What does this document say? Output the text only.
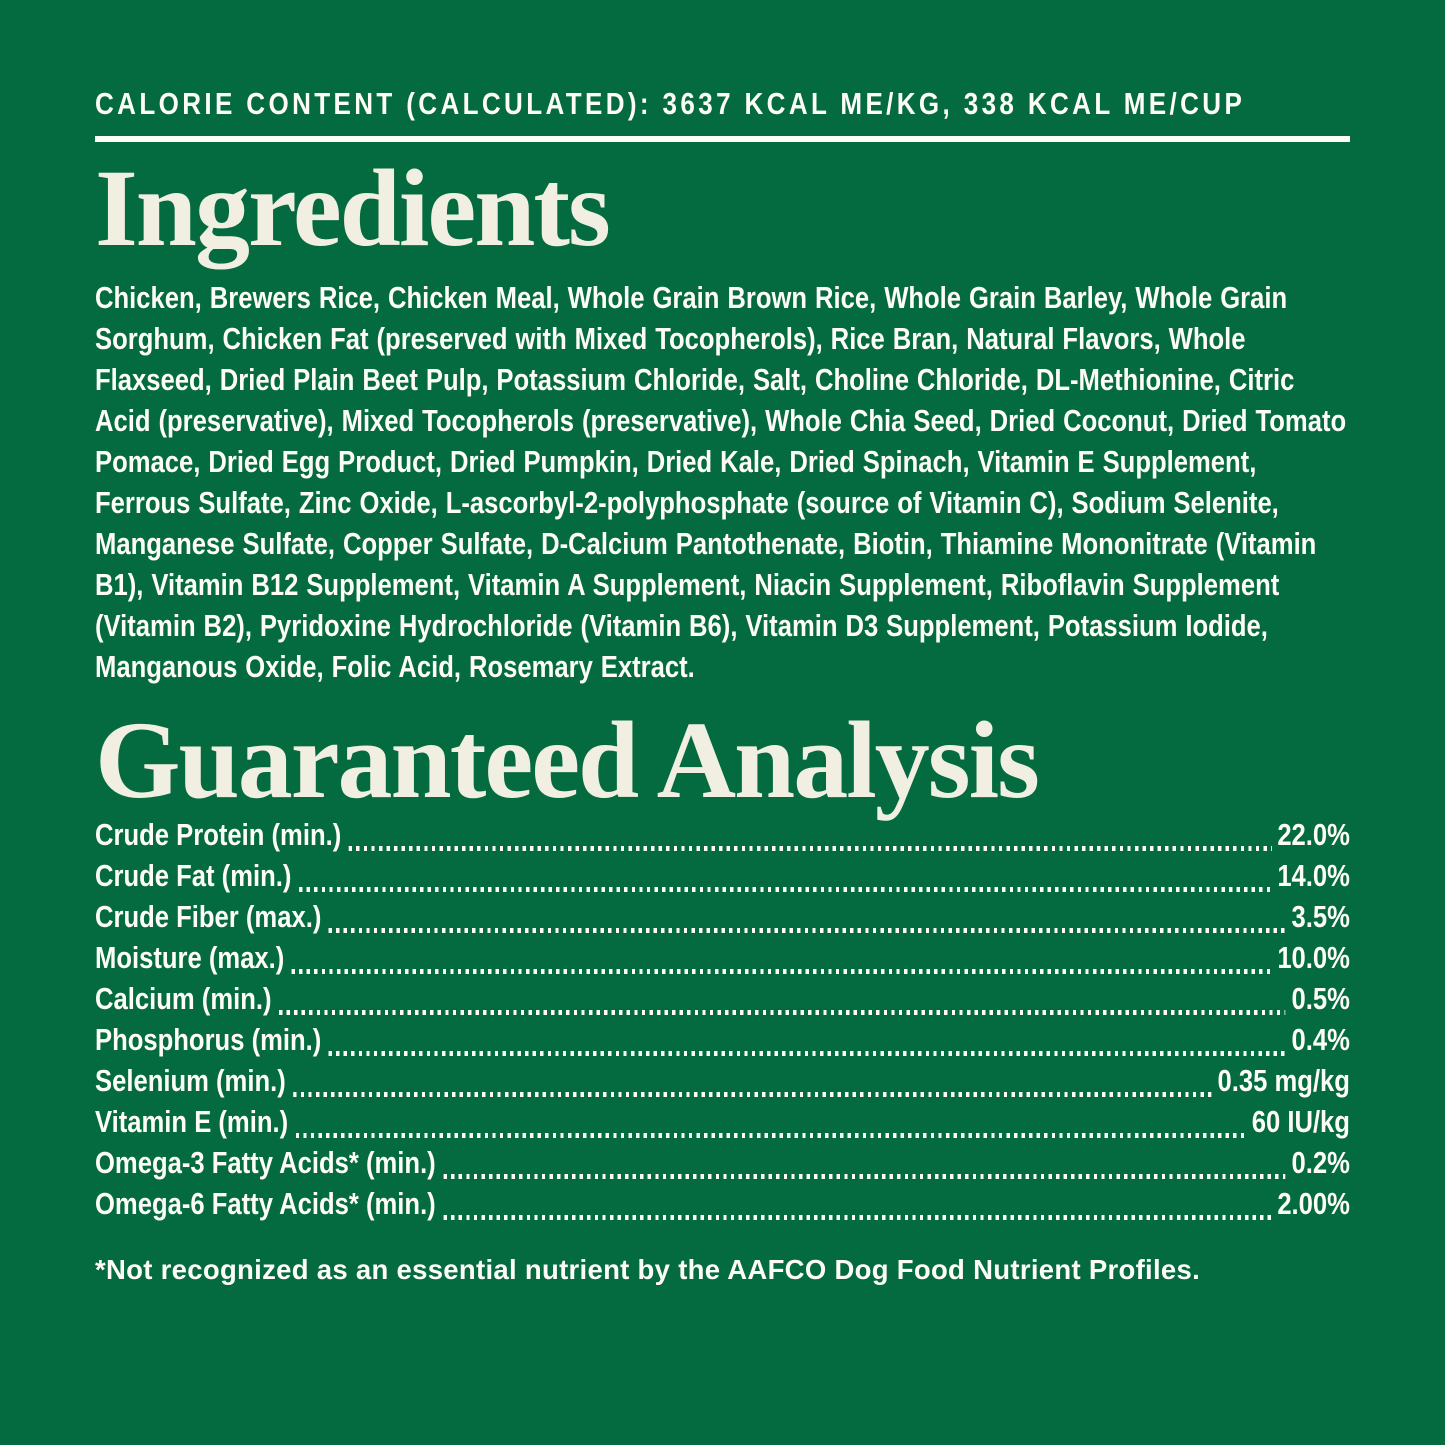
CALORIE CONTENT (CALCULATED): 3637 KCAL ME/KG, 338 KCAL ME/CUP
Ingredients

Chicken, Brewers Rice, Chicken Meal, Whole Grain Brown Rice, Whole Grain Barley, Whole Grain Sorghum, Chicken Fat (preserved with Mixed Tocopherols), Rice Bran, Natural Flavors, Whole Flaxseed, Dried Plain Beet Pulp, Potassium Chloride, Salt, Choline Chloride, DL-Methionine, Citric Acid (preservative), Mixed Tocopherols (preservative), Whole Chia Seed, Dried Coconut, Dried Tomato Pomace, Dried Egg Product, Dried Pumpkin, Dried Kale, Dried Spinach, Vitamin E Supplement, Ferrous Sulfate, Zinc Oxide, L-ascorbyl-2-polyphosphate (source of Vitamin C), Sodium Selenite, Manganese Sulfate, Copper Sulfate, D-Calcium Pantothenate, Biotin, Thiamine Mononitrate (Vitamin B1), Vitamin B12 Supplement, Vitamin A Supplement, Niacin Supplement, Riboflavin Supplement (Vitamin B2), Pyridoxine Hydrochloride (Vitamin B6), Vitamin D3 Supplement, Potassium Iodide, Manganous Oxide, Folic Acid, Rosemary Extract.

Guaranteed Analysis
Crude Protein (min.)	22.0%
Crude Fat (min.)	14.0%
Crude Fiber (max.)	3.5%
Moisture (max.)	10.0%
Calcium (min.)	0.5%
Phosphorus (min.)	0.4%
Selenium (min.)	0.35 mg/kg
Vitamin E (min.)	60 IU/kg
Omega-3 Fatty Acids* (min.)	0.2%
Omega-6 Fatty Acids* (min.)	2.00%

*Not recognized as an essential nutrient by the AAFCO Dog Food Nutrient Profiles.
